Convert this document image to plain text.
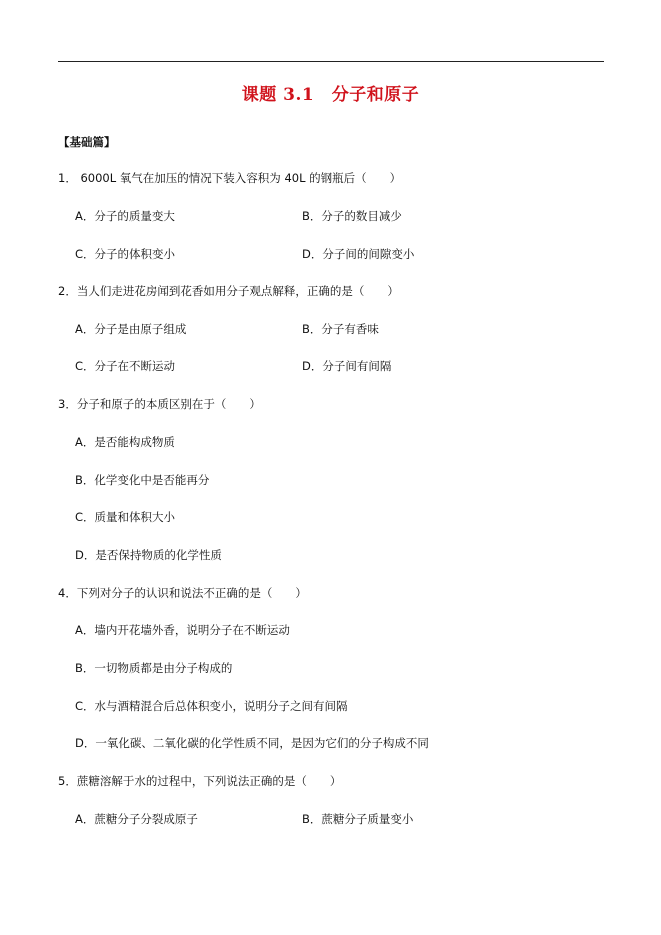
课题 3.1　分子和原子
【基础篇】
1． 6000L 氧气在加压的情况下装入容积为 40L 的钢瓶后（　　）
A．分子的质量变大	B．分子的数目减少
C．分子的体积变小	D．分子间的间隙变小
2．当人们走进花房闻到花香如用分子观点解释，正确的是（　　）
A．分子是由原子组成	B．分子有香味
C．分子在不断运动	D．分子间有间隔
3．分子和原子的本质区别在于（　　）
A．是否能构成物质
B．化学变化中是否能再分
C．质量和体积大小
D．是否保持物质的化学性质
4．下列对分子的认识和说法不正确的是（　　）
A．墙内开花墙外香，说明分子在不断运动
B．一切物质都是由分子构成的
C．水与酒精混合后总体积变小，说明分子之间有间隔
D．一氧化碳、二氧化碳的化学性质不同，是因为它们的分子构成不同
5．蔗糖溶解于水的过程中，下列说法正确的是（　　）
A．蔗糖分子分裂成原子	B．蔗糖分子质量变小
